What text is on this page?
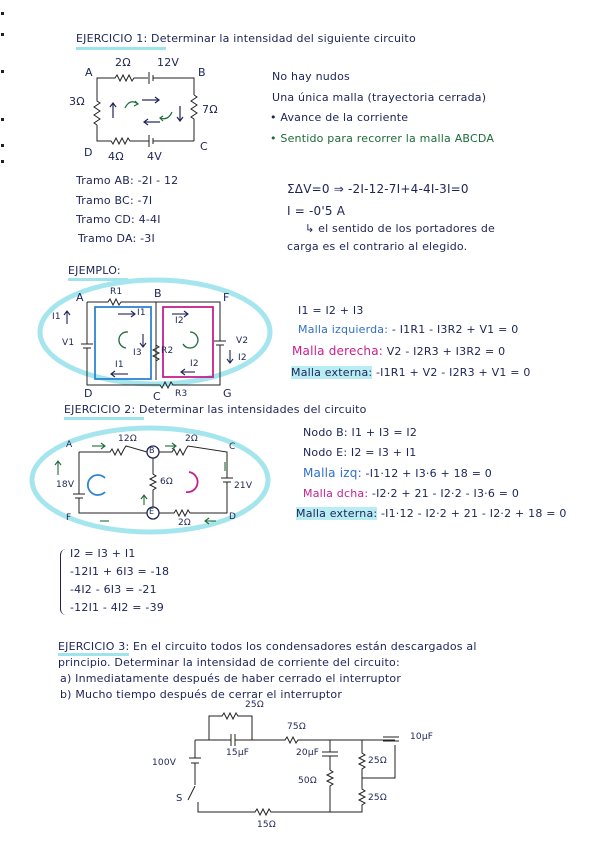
EJERCICIO 1: Determinar la intensidad del siguiente circuito
A	B
C
D
2Ω 12V
3Ω
7Ω
4Ω 4V
No hay nudos
Una única malla (trayectoria cerrada)
• Avance de la corriente
• Sentido para recorrer la malla ABCDA
Tramo AB: -2I - 12
Tramo BC: -7I
Tramo CD: 4-4I
Tramo DA: -3I
ΣΔV=0 ⇒ -2I-12-7I+4-4I-3I=0
I = -0'5 A
↳ el sentido de los portadores de
carga es el contrario al elegido.
EJEMPLO:
A	B	F
D	C	G
R1
R2
R3
V1	V2
I1	I1
I1
I3
I2
I2
I2
I1 = I2 + I3
Malla izquierda: - I1R1 - I3R2 + V1 = 0
Malla derecha: V2 - I2R3 + I3R2 = 0
Malla externa: -I1R1 + V2 - I2R3 + V1 = 0
EJERCICIO 2: Determinar las intensidades del circuito
A
B	C
D
E
F
12Ω	2Ω
6Ω
2Ω
18V	21V
Nodo B: I1 + I3 = I2
Nodo E: I2 = I3 + I1
Malla izq: -I1·12 + I3·6 + 18 = 0
Malla dcha: -I2·2 + 21 - I2·2 - I3·6 = 0
Malla externa: -I1·12 - I2·2 + 21 - I2·2 + 18 = 0
I2 = I3 + I1
-12I1 + 6I3 = -18
-4I2 - 6I3 = -21
-12I1 - 4I2 = -39
EJERCICIO 3: En el circuito todos los condensadores están descargados al
principio. Determinar la intensidad de corriente del circuito:
a) Inmediatamente después de haber cerrado el interruptor
b) Mucho tiempo después de cerrar el interruptor
25Ω
15µF
75Ω
20µF
50Ω
10µF
25Ω
25Ω
15Ω
100V
S
